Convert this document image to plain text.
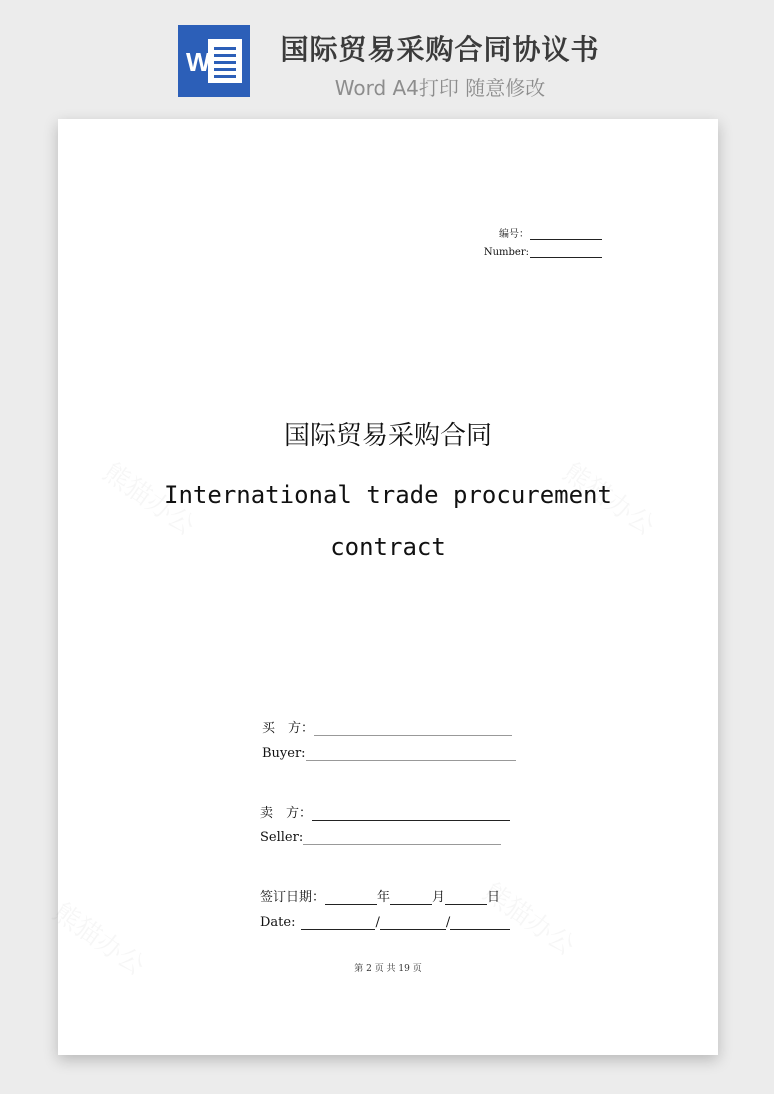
W	国际贸易采购合同协议书
Word A4打印 随意修改
编号：
Number:
国际贸易采购合同
International trade procurement contract
买　方：
Buyer:
卖　方：
Seller:
签订日期：	年	月	日
Date:	/	/
第 2 页 共 19 页
